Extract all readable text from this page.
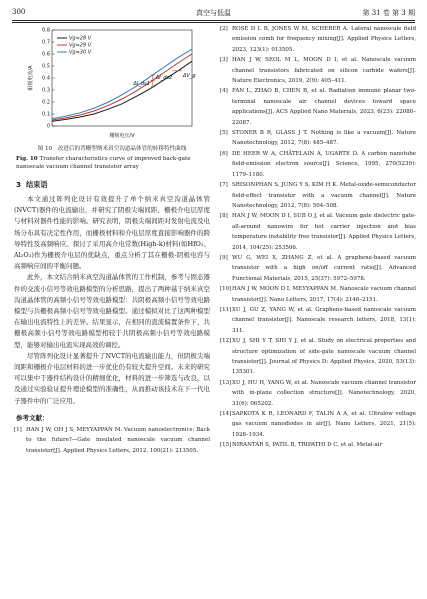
300	真空与低温	第 31 卷 第 3 期
0
0.1
0.2
0.3
0.4
0.5
0.6
0.7
0.8
阳极电流/A
栅极电压/V
Vg=28 V
Vg=29 V
Vg=30 V
ΔI_ds2
ΔI_ds1
ΔV_g
图 10　改进后的背栅型纳米真空沟道晶体管的转移特性曲线
Fig. 10 Transfer characteristics curve of improved back-gate nanoscale vacuum channel transistor array
3 结束语

本文通过阵列化设计有效提升了单个纳米真空沟道晶体管(NVCT)器件的电流输出，并研究了阴极尖端间距、栅极介电层厚度与材料对器件性能的影响。研究表明，阴极尖端间距对发射电流及电场分布具有决定性作用，而栅极材料和介电层厚度直接影响器件的跨导特性及高频响应。探讨了采用高介电常数(High-k)材料(如HfO₂、Al₂O₃)作为栅极介电层的优缺点，重点分析了其在栅极-阴极电容与高频响应间的平衡问题。

此外，本文结合纳米真空沟道晶体管的工作机制，参考与固态器件的交流小信号等效电路模型的分析思路，提出了两种基于纳米真空沟道晶体管的高频小信号等效电路模型：共阴极高频小信号等效电路模型与共栅极高频小信号等效电路模型。通过模拟对比了这两种模型在输出电流特性上的差异。结果显示，在相同的直流偏置条件下，共栅极高频小信号等效电路模型相较于共阴极高频小信号等效电路模型，能够对输出电流实现高效的调控。

尽管阵列化设计显著提升了NVCT的电流输出能力，但阴极尖端间距和栅极介电层材料的进一步优化仍有较大提升空间。未来的研究可以集中于器件结构设计的精细优化，材料的进一步筛选与改良，以及通过实验验证提升理论模型的准确性，从而推动该技术在下一代电子器件中的广泛应用。

参考文献：

[1] HAN J W, OH J S, MEYYAPPAN M. Vacuum nanoelectronics: Back to the future?—Gate insulated nanoscale vacuum channel transistor[J]. Applied Physics Letters, 2012, 100(21): 213505.

[2] ROSE D L B, JONES W M, SCHERER A. Lateral nanoscale field emission comb for frequency mixing[J]. Applied Physics Letters, 2023, 123(1): 013505.

[3] HAN J W, SEOL M L, MOON D I, et al. Nanoscale vacuum channel transistors fabricated on silicon carbide wafers[J]. Nature Electronics, 2019, 2(9): 405–411.

[4] FAN L, ZHAO B, CHEN B, et al. Radiation immune planar two-terminal nanoscale air channel devices toward space applications[J]. ACS Applied Nano Materials, 2023, 6(23): 22080–22087.

[5] STONER B R, GLASS J T. Nothing is like a vacuum[J]. Nature Nanotechnology, 2012, 7(8): 485–487.

[6] DE HEER W A, CHÂTELAIN A, UGARTE D. A carbon nanotube field-emission electron source[J]. Science, 1995, 270(5239): 1179–1180.

[7] SRISONPHAN S, JUNG Y S, KIM H K. Metal-oxide-semiconductor field-effect transistor with a vacuum channel[J]. Nature Nanotechnology, 2012, 7(8): 504–508.

[8] HAN J W, MOON D I, SUB O J, et al. Vacuum gate dielectric gate-all-around nanowire for hot carrier injection and bias temperature instability free transistor[J]. Applied Physics Letters, 2014, 104(25): 253506.

[9] WU G, WEI X, ZHANG Z, et al. A graphene-based vacuum transistor with a high on/off current ratio[J]. Advanced Functional Materials, 2015, 25(37): 5972–5978.

[10]HAN J W, MOON D I, MEYYAPPAN M. Nanoscale vacuum channel transistor[J]. Nano Letters, 2017, 17(4): 2146–2151.

[11]XU J, GU Z, YANG W, et al. Graphene-based nanoscale vacuum channel transistor[J]. Nanoscale research letters, 2018, 13(1): 311.

[12]XU J, SHI Y T, SHI Y J, et al. Study on electrical properties and structure optimization of side-gate nanoscale vacuum channel transistor[J]. Journal of Physics D: Applied Physics, 2020, 53(13): 135301.

[13]XU J, HU H, YANG W, et al. Nanoscale vacuum channel transistor with in-plane collection structure[J]. Nanotechnology, 2020, 31(6): 065202.

[14]SAPKOTA K R, LEONARD F, TALIN A A, et al. Ultralow voltage gas vacuum nanodiodes in air[J]. Nano Letters, 2021, 21(5): 1928–1934.

[15]NIRANTAR S, PATIL B, TRIPATHI D C, et al. Metal-air
